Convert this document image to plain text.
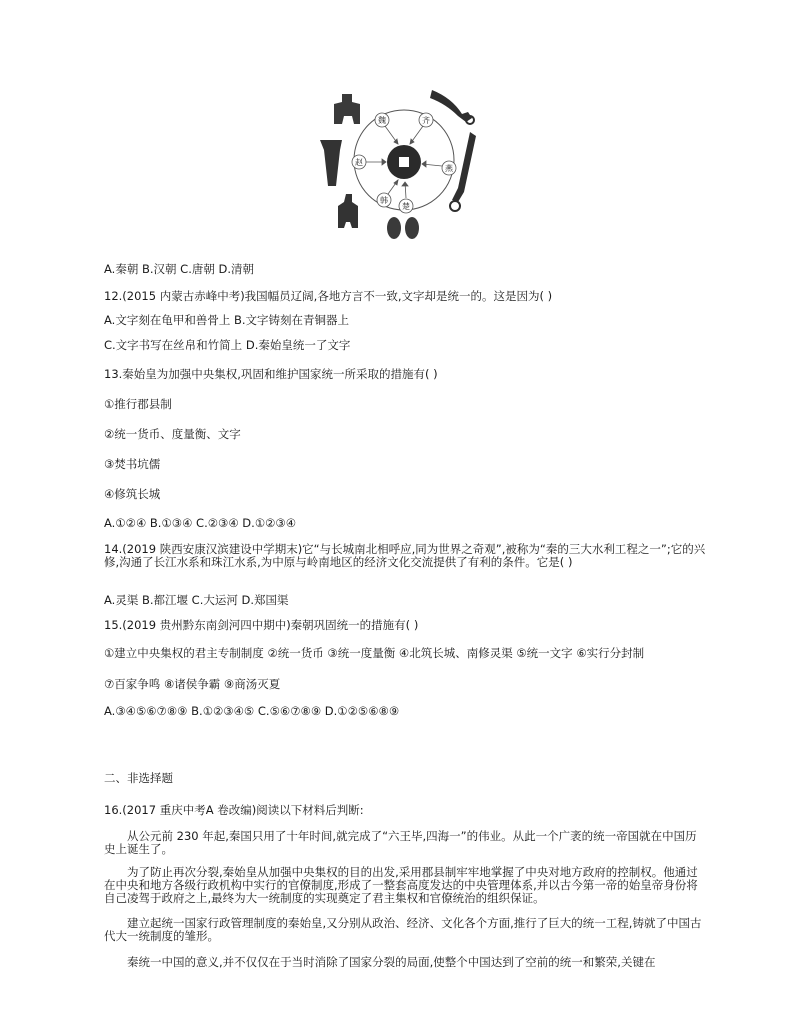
魏	齐
赵
燕
韩
楚
A.秦朝 B.汉朝 C.唐朝 D.清朝
12.(2015 内蒙古赤峰中考)我国幅员辽阔,各地方言不一致,文字却是统一的。这是因为( )
A.文字刻在龟甲和兽骨上 B.文字铸刻在青铜器上
C.文字书写在丝帛和竹简上 D.秦始皇统一了文字
13.秦始皇为加强中央集权,巩固和维护国家统一所采取的措施有( )
①推行郡县制
②统一货币、度量衡、文字
③焚书坑儒
④修筑长城
A.①②④ B.①③④ C.②③④ D.①②③④
14.(2019 陕西安康汉滨建设中学期末)它“与长城南北相呼应,同为世界之奇观”,被称为“秦的三大水利工程之一”;它的兴修,沟通了长江水系和珠江水系,为中原与岭南地区的经济文化交流提供了有利的条件。它是( )
A.灵渠 B.都江堰 C.大运河 D.郑国渠
15.(2019 贵州黔东南剑河四中期中)秦朝巩固统一的措施有( )
①建立中央集权的君主专制制度 ②统一货币 ③统一度量衡 ④北筑长城、南修灵渠 ⑤统一文字 ⑥实行分封制
⑦百家争鸣 ⑧诸侯争霸 ⑨商汤灭夏
A.③④⑤⑥⑦⑧⑨ B.①②③④⑤ C.⑤⑥⑦⑧⑨ D.①②⑤⑥⑧⑨
二、非选择题
16.(2017 重庆中考A 卷改编)阅读以下材料后判断:
从公元前 230 年起,秦国只用了十年时间,就完成了“六王毕,四海一”的伟业。从此一个广袤的统一帝国就在中国历史上诞生了。
为了防止再次分裂,秦始皇从加强中央集权的目的出发,采用郡县制牢牢地掌握了中央对地方政府的控制权。他通过在中央和地方各级行政机构中实行的官僚制度,形成了一整套高度发达的中央管理体系,并以古今第一帝的始皇帝身份将自己凌驾于政府之上,最终为大一统制度的实现奠定了君主集权和官僚统治的组织保证。
建立起统一国家行政管理制度的秦始皇,又分别从政治、经济、文化各个方面,推行了巨大的统一工程,铸就了中国古代大一统制度的雏形。
秦统一中国的意义,并不仅仅在于当时消除了国家分裂的局面,使整个中国达到了空前的统一和繁荣,关键在
